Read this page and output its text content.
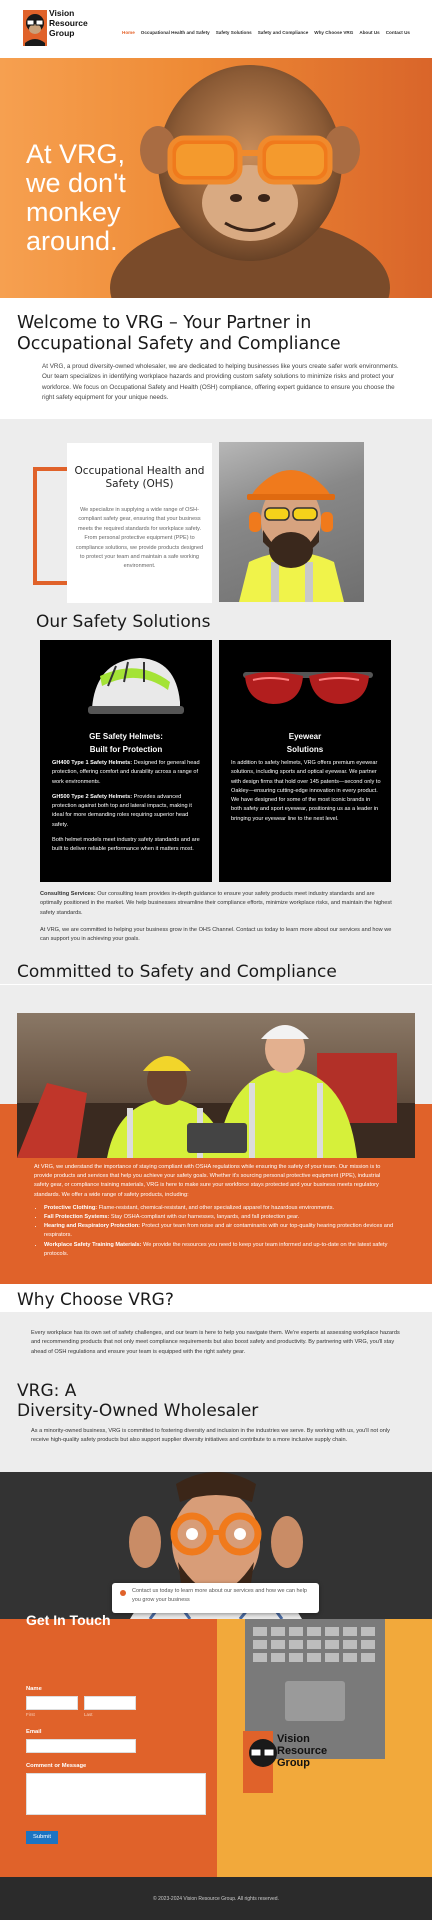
Vision
Resource
Group	Home Occupational Health and Safety Safety Solutions Safety and Compliance Why Choose VRG About Us Contact Us
At VRG,
we don't
monkey
around.
Welcome to VRG – Your Partner in Occupational Safety and Compliance
At VRG, a proud diversity-owned wholesaler, we are dedicated to helping businesses like yours create safer work environments. Our team specializes in identifying workplace hazards and providing custom safety solutions to minimize risks and protect your workforce. We focus on Occupational Safety and Health (OSH) compliance, offering expert guidance to ensure you choose the right safety equipment for your unique needs.
Occupational Health and Safety (OHS)
We specialize in supplying a wide range of OSH-compliant safety gear, ensuring that your business meets the required standards for workplace safety. From personal protective equipment (PPE) to compliance solutions, we provide products designed to protect your team and maintain a safe working environment.
Our Safety Solutions
GE Safety Helmets:
Built for Protection

GH400 Type 1 Safety Helmets: Designed for general head protection, offering comfort and durability across a range of work environments.

GH500 Type 2 Safety Helmets: Provides advanced protection against both top and lateral impacts, making it ideal for more demanding roles requiring superior head safety.

Both helmet models meet industry safety standards and are built to deliver reliable performance when it matters most.

Eyewear
Solutions
In addition to safety helmets, VRG offers premium eyewear solutions, including sports and optical eyewear. We partner with design firms that hold over 145 patents—second only to Oakley—ensuring cutting-edge innovation in every product. We have designed for some of the most iconic brands in both safety and sport eyewear, positioning us as a leader in bringing your eyewear line to the next level.

Consulting Services: Our consulting team provides in-depth guidance to ensure your safety products meet industry standards and are optimally positioned in the market. We help businesses streamline their compliance efforts, minimize workplace risks, and maintain the highest safety standards.

At VRG, we are committed to helping your business grow in the OHS Channel. Contact us today to learn more about our services and how we can support you in achieving your goals.

Committed to Safety and Compliance

At VRG, we understand the importance of staying compliant with OSHA regulations while ensuring the safety of your team. Our mission is to provide products and services that help you achieve your safety goals. Whether it's sourcing personal protective equipment (PPE), industrial safety gear, or compliance training materials, VRG is here to make sure your workforce stays protected and your business meets regulatory standards. We offer a wide range of safety products, including:

• Protective Clothing: Flame-resistant, chemical-resistant, and other specialized apparel for hazardous environments.
• Fall Protection Systems: Stay OSHA-compliant with our harnesses, lanyards, and fall protection gear.
• Hearing and Respiratory Protection: Protect your team from noise and air contaminants with our top-quality hearing protection devices and respirators.
• Workplace Safety Training Materials: We provide the resources you need to keep your team informed and up-to-date on the latest safety protocols.
Why Choose VRG?
Every workplace has its own set of safety challenges, and our team is here to help you navigate them. We're experts at assessing workplace hazards and recommending products that not only meet compliance requirements but also boost safety and productivity. By partnering with VRG, you'll stay ahead of OSH regulations and ensure your team is equipped with the right safety gear.
VRG: A
Diversity-Owned Wholesaler
As a minority-owned business, VRG is committed to fostering diversity and inclusion in the industries we serve. By working with us, you'll not only receive high-quality safety products but also support supplier diversity initiatives and contribute to a more inclusive supply chain.
Contact us today to learn more about our services and how we can help you grow your business
Vision
Resource
Group
Get In Touch
Name
First	Last
Email
Comment or Message
Submit
© 2023-2024 Vision Resource Group. All rights reserved.
